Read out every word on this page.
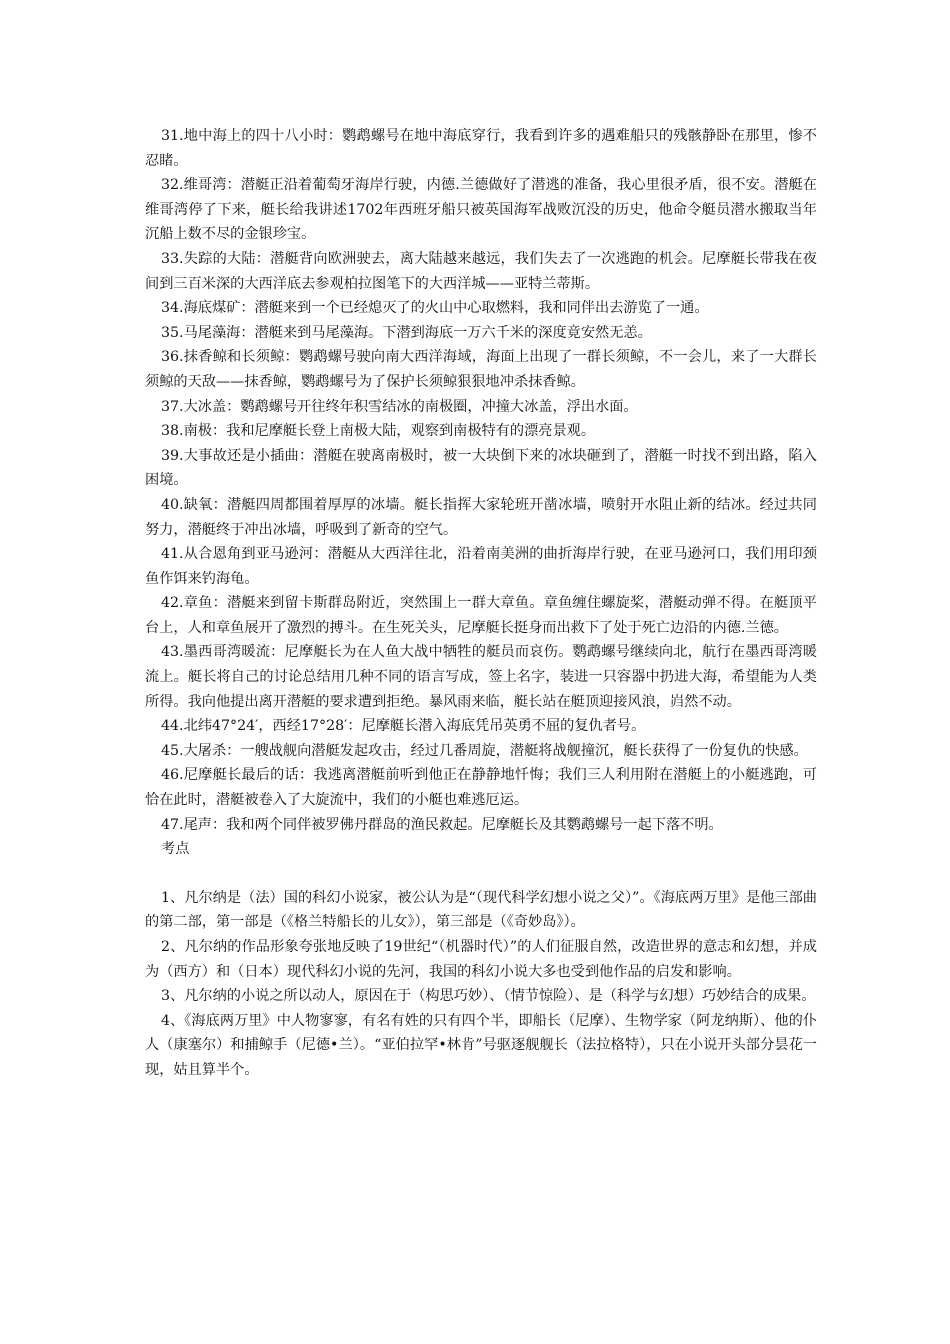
31.地中海上的四十八小时：鹦鹉螺号在地中海底穿行，我看到许多的遇难船只的残骸静卧在那里，惨不忍睹。

32.维哥湾：潜艇正沿着葡萄牙海岸行驶，内德.兰德做好了潜逃的准备，我心里很矛盾，很不安。潜艇在维哥湾停了下来，艇长给我讲述1702年西班牙船只被英国海军战败沉没的历史，他命令艇员潜水搬取当年沉船上数不尽的金银珍宝。

33.失踪的大陆：潜艇背向欧洲驶去，离大陆越来越远，我们失去了一次逃跑的机会。尼摩艇长带我在夜间到三百米深的大西洋底去参观柏拉图笔下的大西洋城——亚特兰蒂斯。

34.海底煤矿：潜艇来到一个已经熄灭了的火山中心取燃料，我和同伴出去游览了一通。

35.马尾藻海：潜艇来到马尾藻海。下潜到海底一万六千米的深度竟安然无恙。

36.抹香鲸和长须鲸：鹦鹉螺号驶向南大西洋海域，海面上出现了一群长须鲸，不一会儿，来了一大群长须鲸的天敌——抹香鲸，鹦鹉螺号为了保护长须鲸狠狠地冲杀抹香鲸。

37.大冰盖：鹦鹉螺号开往终年积雪结冰的南极圈，冲撞大冰盖，浮出水面。

38.南极：我和尼摩艇长登上南极大陆，观察到南极特有的漂亮景观。

39.大事故还是小插曲：潜艇在驶离南极时，被一大块倒下来的冰块砸到了，潜艇一时找不到出路，陷入困境。

40.缺氧：潜艇四周都围着厚厚的冰墙。艇长指挥大家轮班开凿冰墙，喷射开水阻止新的结冰。经过共同努力，潜艇终于冲出冰墙，呼吸到了新奇的空气。

41.从合恩角到亚马逊河：潜艇从大西洋往北，沿着南美洲的曲折海岸行驶，在亚马逊河口，我们用印颈鱼作饵来钓海龟。

42.章鱼：潜艇来到留卡斯群岛附近，突然围上一群大章鱼。章鱼缠住螺旋桨，潜艇动弹不得。在艇顶平台上，人和章鱼展开了激烈的搏斗。在生死关头，尼摩艇长挺身而出救下了处于死亡边沿的内德.兰德。

43.墨西哥湾暖流：尼摩艇长为在人鱼大战中牺牲的艇员而哀伤。鹦鹉螺号继续向北，航行在墨西哥湾暖流上。艇长将自己的讨论总结用几种不同的语言写成，签上名字，装进一只容器中扔进大海，希望能为人类所得。我向他提出离开潜艇的要求遭到拒绝。暴风雨来临，艇长站在艇顶迎接风浪，岿然不动。

44.北纬47°24′，西经17°28′：尼摩艇长潜入海底凭吊英勇不屈的复仇者号。

45.大屠杀：一艘战舰向潜艇发起攻击，经过几番周旋，潜艇将战舰撞沉，艇长获得了一份复仇的快感。

46.尼摩艇长最后的话：我逃离潜艇前听到他正在静静地忏悔；我们三人利用附在潜艇上的小艇逃跑，可恰在此时，潜艇被卷入了大旋流中，我们的小艇也难逃厄运。

47.尾声：我和两个同伴被罗佛丹群岛的渔民救起。尼摩艇长及其鹦鹉螺号一起下落不明。

考点

1、凡尔纳是（法）国的科幻小说家，被公认为是“（现代科学幻想小说之父）”。《海底两万里》是他三部曲的第二部，第一部是（《格兰特船长的儿女》），第三部是（《奇妙岛》）。

2、凡尔纳的作品形象夸张地反映了19世纪“（机器时代）”的人们征服自然，改造世界的意志和幻想，并成为（西方）和（日本）现代科幻小说的先河，我国的科幻小说大多也受到他作品的启发和影响。

3、凡尔纳的小说之所以动人，原因在于（构思巧妙）、（情节惊险）、是（科学与幻想）巧妙结合的成果。

4、《海底两万里》中人物寥寥，有名有姓的只有四个半，即船长（尼摩）、生物学家（阿龙纳斯）、他的仆人（康塞尔）和捕鲸手（尼德•兰）。“亚伯拉罕•林肯”号驱逐舰舰长（法拉格特），只在小说开头部分昙花一现，姑且算半个。
